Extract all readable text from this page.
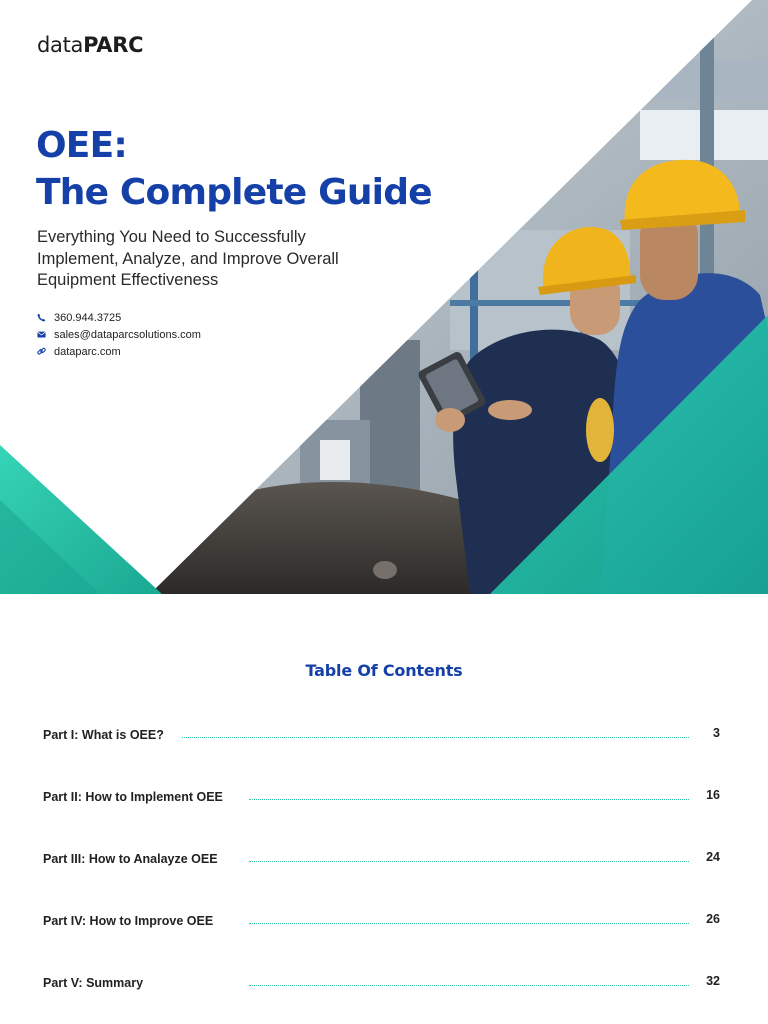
dataPARC
OEE:
The Complete Guide

Everything You Need to Successfully Implement, Analyze, and Improve Overall Equipment Effectiveness

360.944.3725
sales@dataparcsolutions.com
dataparc.com
Table Of Contents
Part I: What is OEE?	3
Part II: How to Implement OEE	16
Part III: How to Analayze OEE	24
Part IV: How to Improve OEE	26
Part V: Summary	32
